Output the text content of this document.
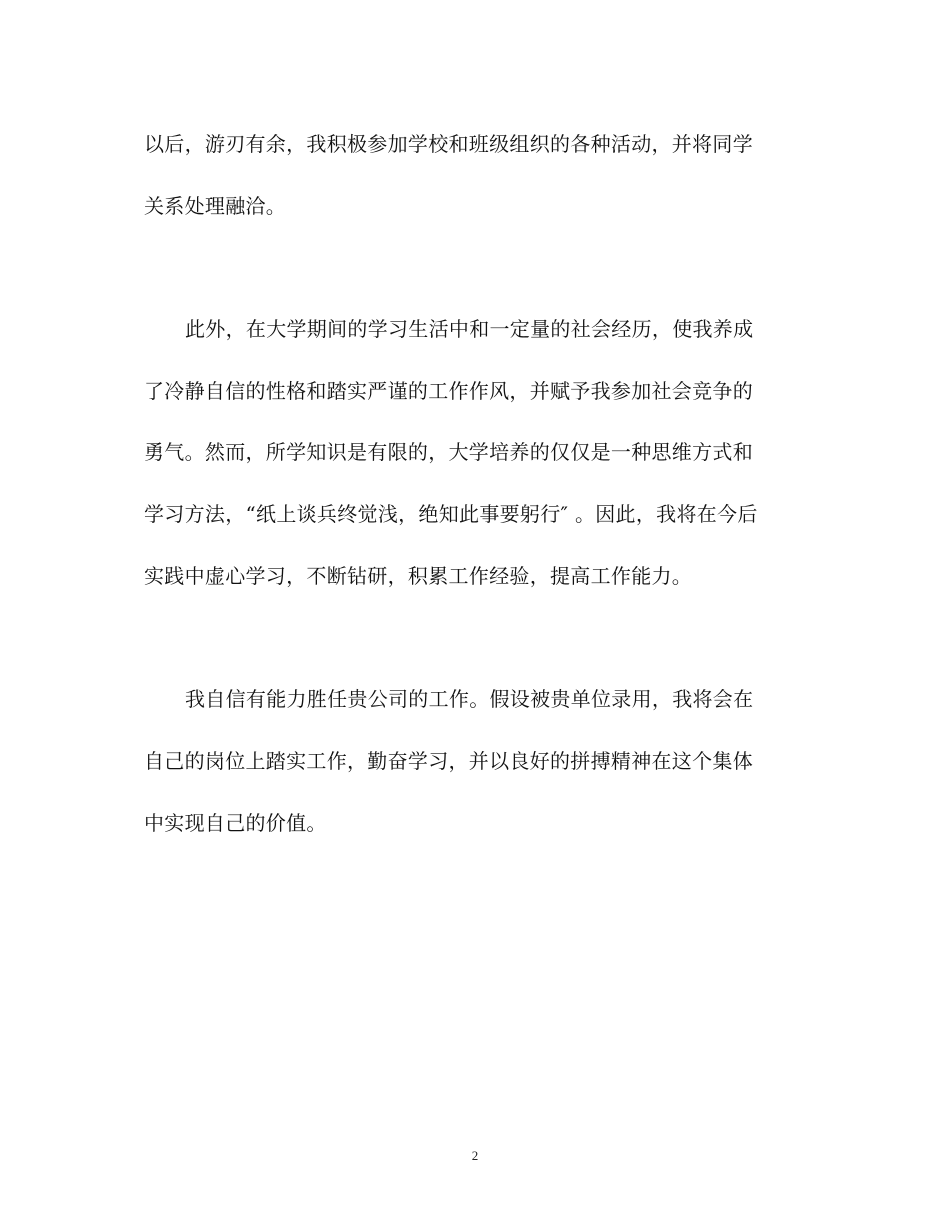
以后，游刃有余，我积极参加学校和班级组织的各种活动，并将同学
关系处理融洽。
此外，在大学期间的学习生活中和一定量的社会经历，使我养成
了冷静自信的性格和踏实严谨的工作作风，并赋予我参加社会竞争的
勇气。然而，所学知识是有限的，大学培养的仅仅是一种思维方式和
学习方法，“纸上谈兵终觉浅，绝知此事要躬行″ 。因此，我将在今后
实践中虚心学习，不断钻研，积累工作经验，提高工作能力。
我自信有能力胜任贵公司的工作。假设被贵单位录用，我将会在
自己的岗位上踏实工作，勤奋学习，并以良好的拼搏精神在这个集体
中实现自己的价值。
2
